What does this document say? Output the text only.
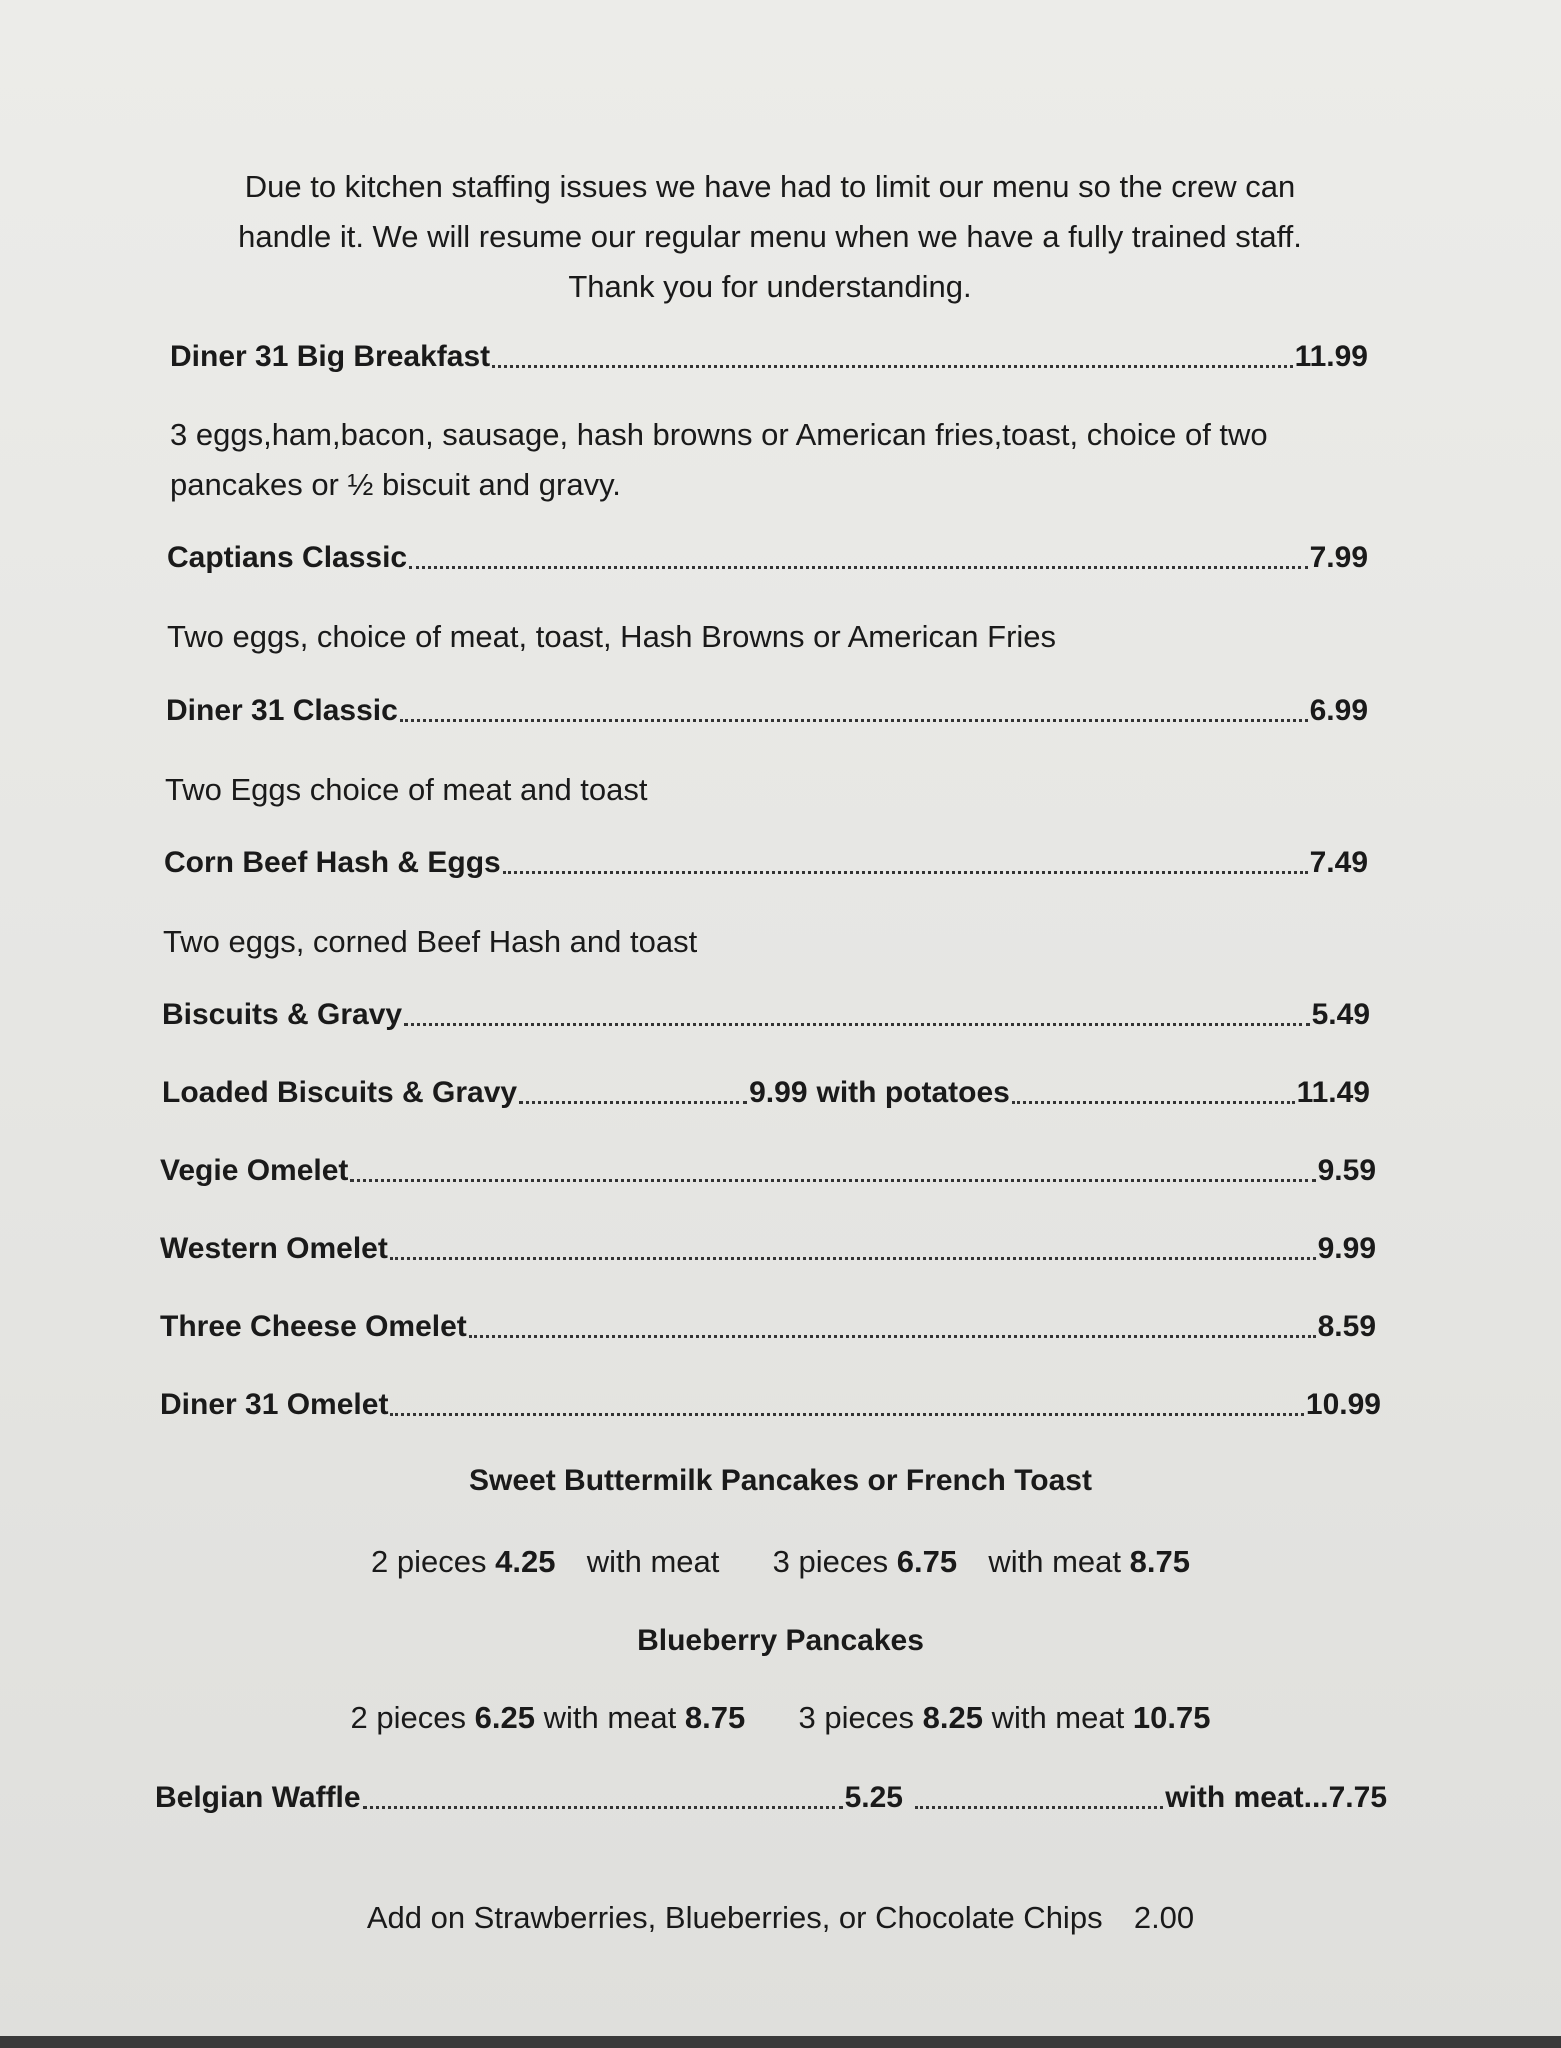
Due to kitchen staffing issues we have had to limit our menu so the crew can
handle it. We will resume our regular menu when we have a fully trained staff.
Thank you for understanding.
Diner 31 Big Breakfast	11.99
3 eggs,ham,bacon, sausage, hash browns or American fries,toast, choice of two
pancakes or ½ biscuit and gravy.
Captians Classic	7.99
Two eggs, choice of meat, toast, Hash Browns or American Fries
Diner 31 Classic	6.99
Two Eggs choice of meat and toast
Corn Beef Hash & Eggs	7.49
Two eggs, corned Beef Hash and toast
Biscuits & Gravy	5.49
Loaded Biscuits & Gravy	9.99 with potatoes	11.49
Vegie Omelet	9.59
Western Omelet	9.99
Three Cheese Omelet	8.59
Diner 31 Omelet	10.99
Sweet Buttermilk Pancakes or French Toast
2 pieces 4.25 with meat 3 pieces 6.75 with meat 8.75
Blueberry Pancakes
2 pieces 6.25 with meat 8.75 3 pieces 8.25 with meat 10.75
Belgian Waffle	5.25	with meat... 7.75
Add on Strawberries, Blueberries, or Chocolate Chips 2.00
